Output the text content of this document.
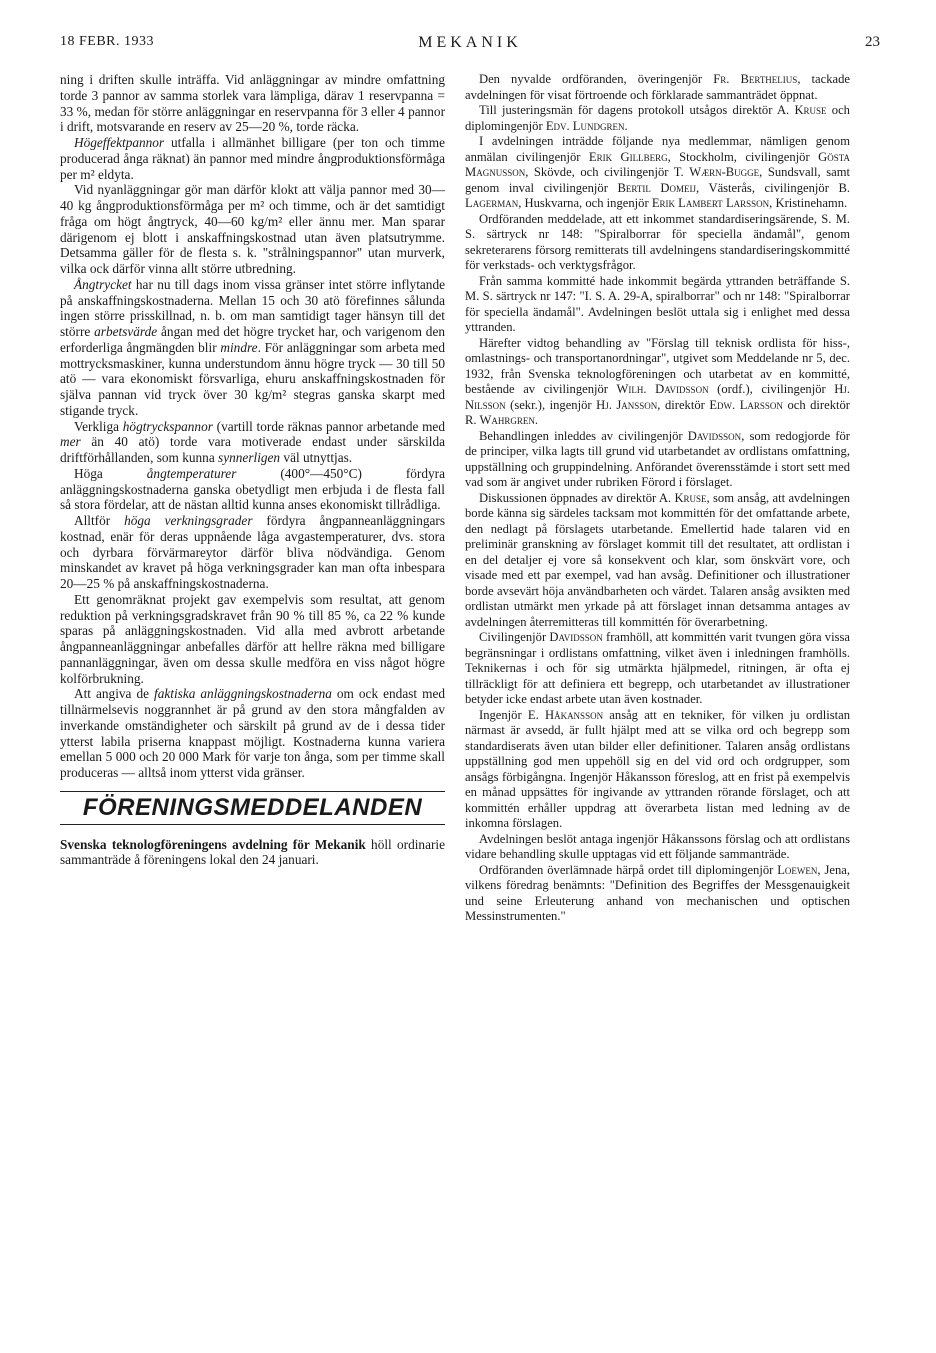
18 FEBR. 1933	MEKANIK	23

ning i driften skulle inträffa. Vid anläggningar av mindre omfattning torde 3 pannor av samma storlek vara lämpliga, därav 1 reservpanna = 33 %, medan för större anläggningar en reservpanna för 3 eller 4 pannor i drift, motsvarande en reserv av 25—20 %, torde räcka.

Högeffektpannor utfalla i allmänhet billigare (per ton och timme producerad ånga räknat) än pannor med mindre ångproduktionsförmåga per m² eldyta.

Vid nyanläggningar gör man därför klokt att välja pannor med 30—40 kg ångproduktionsförmåga per m² och timme, och är det samtidigt fråga om högt ångtryck, 40—60 kg/m² eller ännu mer. Man sparar därigenom ej blott i anskaffningskostnad utan även platsutrymme. Detsamma gäller för de flesta s. k. "strålningspannor" utan murverk, vilka ock därför vinna allt större utbredning.

Ångtrycket har nu till dags inom vissa gränser intet större inflytande på anskaffningskostnaderna. Mellan 15 och 30 atö förefinnes sålunda ingen större prisskillnad, n. b. om man samtidigt tager hänsyn till det större arbetsvärde ångan med det högre trycket har, och varigenom den erforderliga ångmängden blir mindre. För anläggningar som arbeta med mottrycksmaskiner, kunna understundom ännu högre tryck — 30 till 50 atö — vara ekonomiskt försvarliga, ehuru anskaffningskostnaden för själva pannan vid tryck över 30 kg/m² stegras ganska skarpt med stigande tryck.

Verkliga högtryckspannor (vartill torde räknas pannor arbetande med mer än 40 atö) torde vara motiverade endast under särskilda driftförhållanden, som kunna synnerligen väl utnyttjas.

Höga ångtemperaturer (400°—450°C) fördyra anläggningskostnaderna ganska obetydligt men erbjuda i de flesta fall så stora fördelar, att de nästan alltid kunna anses ekonomiskt tillrådliga.

Alltför höga verkningsgrader fördyra ångpanneanläggningars kostnad, enär för deras uppnående låga avgastemperaturer, dvs. stora och dyrbara förvärmareytor därför bliva nödvändiga. Genom minskandet av kravet på höga verkningsgrader kan man ofta inbespara 20—25 % på anskaffningskostnaderna.

Ett genomräknat projekt gav exempelvis som resultat, att genom reduktion på verkningsgradskravet från 90 % till 85 %, ca 22 % kunde sparas på anläggningskostnaden. Vid alla med avbrott arbetande ångpanneanläggningar anbefalles därför att hellre räkna med billigare pannanläggningar, även om dessa skulle medföra en viss något högre kolförbrukning.

Att angiva de faktiska anläggningskostnaderna om ock endast med tillnärmelsevis noggrannhet är på grund av den stora mångfalden av inverkande omständigheter och särskilt på grund av de i dessa tider ytterst labila priserna knappast möjligt. Kostnaderna kunna variera emellan 5 000 och 20 000 Mark för varje ton ånga, som per timme skall produceras — alltså inom ytterst vida gränser.

FÖRENINGSMEDDELANDEN

Svenska teknologföreningens avdelning för Mekanik höll ordinarie sammanträde å föreningens lokal den 24 januari.

Den nyvalde ordföranden, överingenjör Fr. Berthelius, tackade avdelningen för visat förtroende och förklarade sammanträdet öppnat.

Till justeringsmän för dagens protokoll utsågos direktör A. Kruse och diplomingenjör Edv. Lundgren.

I avdelningen inträdde följande nya medlemmar, nämligen genom anmälan civilingenjör Erik Gillberg, Stockholm, civilingenjör Gösta Magnusson, Skövde, och civilingenjör T. Wærn-Bugge, Sundsvall, samt genom inval civilingenjör Bertil Domeij, Västerås, civilingenjör B. Lagerman, Huskvarna, och ingenjör Erik Lambert Larsson, Kristinehamn.

Ordföranden meddelade, att ett inkommet standardiseringsärende, S. M. S. särtryck nr 148: "Spiralborrar för speciella ändamål", genom sekreterarens försorg remitterats till avdelningens standardiseringskommitté för verkstads- och verktygsfrågor.

Från samma kommitté hade inkommit begärda yttranden beträffande S. M. S. särtryck nr 147: "I. S. A. 29-A, spiralborrar" och nr 148: "Spiralborrar för speciella ändamål". Avdelningen beslöt uttala sig i enlighet med dessa yttranden.

Härefter vidtog behandling av "Förslag till teknisk ordlista för hiss-, omlastnings- och transportanordningar", utgivet som Meddelande nr 5, dec. 1932, från Svenska teknologföreningen och utarbetat av en kommitté, bestående av civilingenjör Wilh. Davidsson (ordf.), civilingenjör Hj. Nilsson (sekr.), ingenjör Hj. Jansson, direktör Edw. Larsson och direktör R. Wahrgren.

Behandlingen inleddes av civilingenjör Davidsson, som redogjorde för de principer, vilka lagts till grund vid utarbetandet av ordlistans omfattning, uppställning och gruppindelning. Anförandet överensstämde i stort sett med vad som är angivet under rubriken Förord i förslaget.

Diskussionen öppnades av direktör A. Kruse, som ansåg, att avdelningen borde känna sig särdeles tacksam mot kommittén för det omfattande arbete, den nedlagt på förslagets utarbetande. Emellertid hade talaren vid en preliminär granskning av förslaget kommit till det resultatet, att ordlistan i en del detaljer ej vore så konsekvent och klar, som önskvärt vore, och visade med ett par exempel, vad han avsåg. Definitioner och illustrationer borde avsevärt höja användbarheten och värdet. Talaren ansåg avsikten med ordlistan utmärkt men yrkade på att förslaget innan detsamma antages av avdelningen återremitteras till kommittén för överarbetning.

Civilingenjör Davidsson framhöll, att kommittén varit tvungen göra vissa begränsningar i ordlistans omfattning, vilket även i inledningen framhölls. Teknikernas i och för sig utmärkta hjälpmedel, ritningen, är ofta ej tillräckligt för att definiera ett begrepp, och utarbetandet av illustrationer betyder icke endast arbete utan även kostnader.

Ingenjör E. Håkansson ansåg att en tekniker, för vilken ju ordlistan närmast är avsedd, är fullt hjälpt med att se vilka ord och begrepp som standardiserats även utan bilder eller definitioner. Talaren ansåg ordlistans uppställning god men uppehöll sig en del vid ord och ordgrupper, som ansågs förbigångna. Ingenjör Håkansson föreslog, att en frist på exempelvis en månad uppsättes för ingivande av yttranden rörande förslaget, och att kommittén erhåller uppdrag att överarbeta listan med ledning av de inkomna förslagen.

Avdelningen beslöt antaga ingenjör Håkanssons förslag och att ordlistans vidare behandling skulle upptagas vid ett följande sammanträde.

Ordföranden överlämnade härpå ordet till diplomingenjör Loewen, Jena, vilkens föredrag benämnts: "Definition des Begriffes der Messgenauigkeit und seine Erleuterung anhand von mechanischen und optischen Messinstrumenten."
